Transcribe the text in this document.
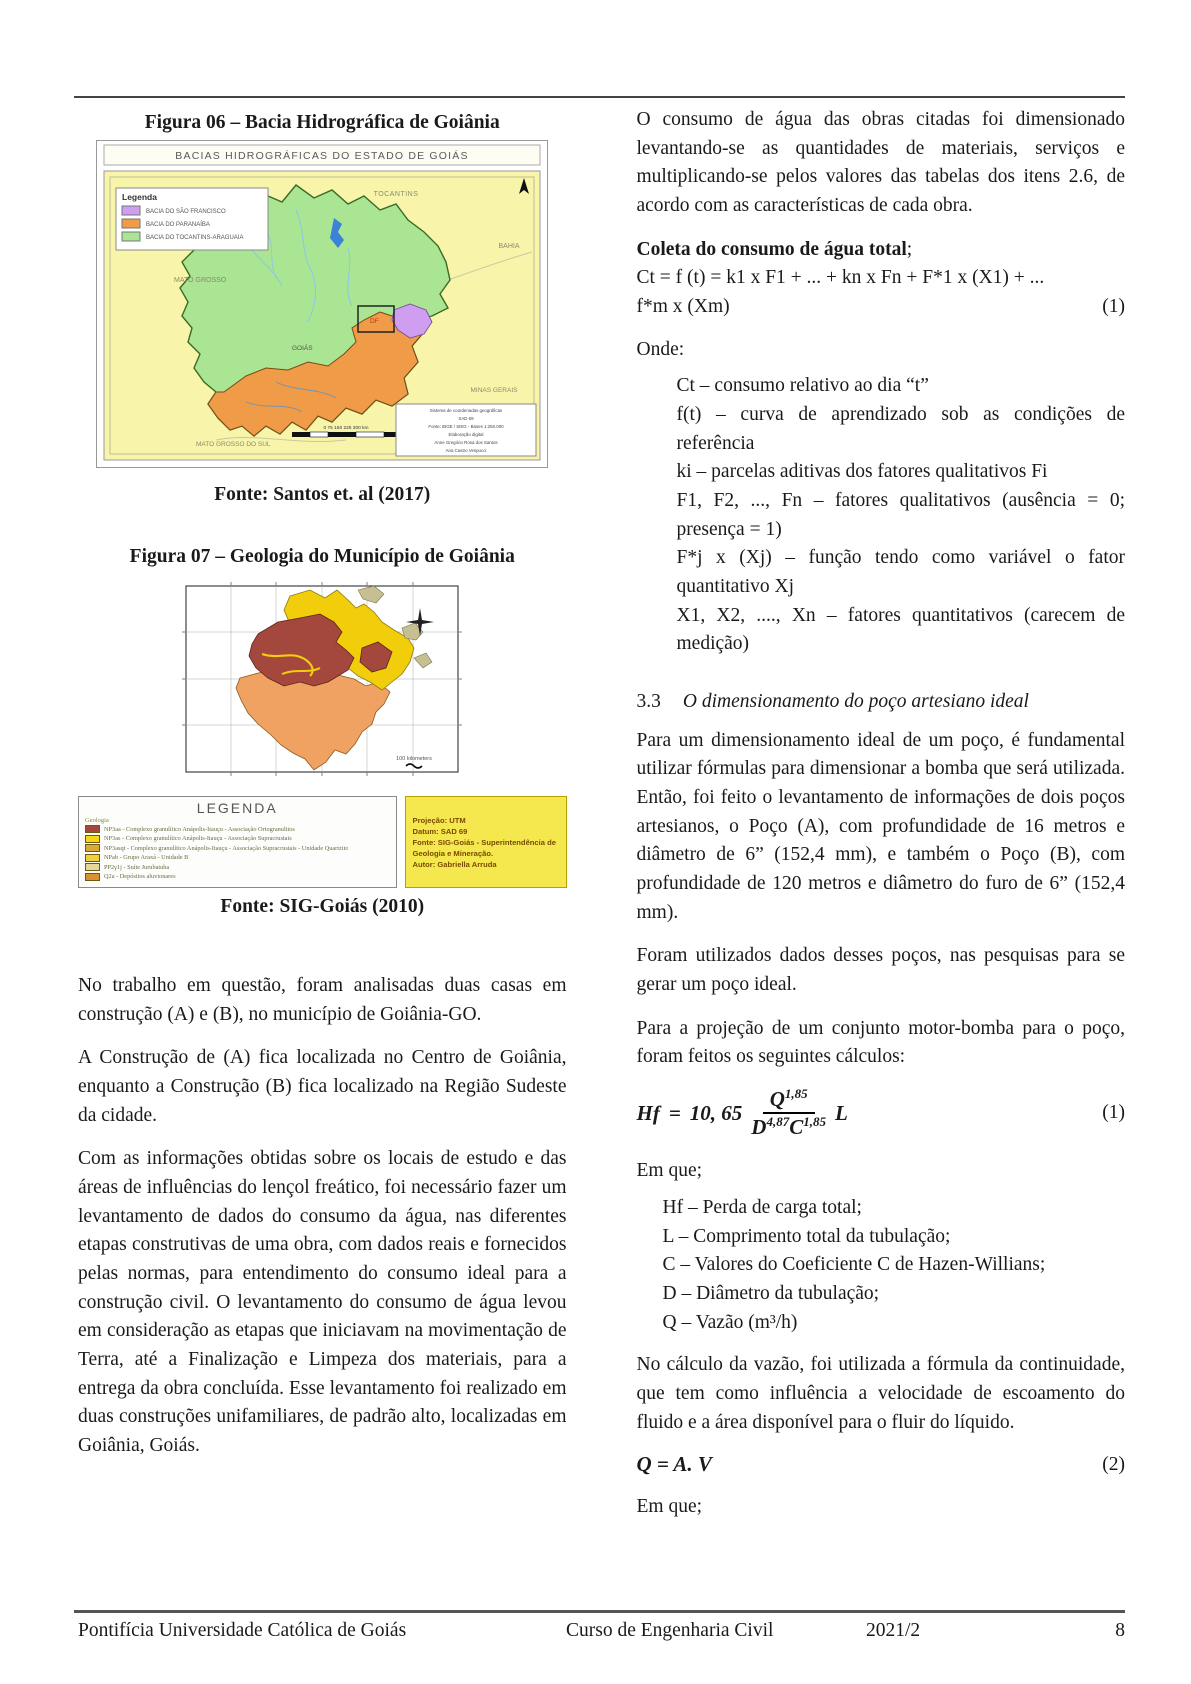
Figura 06 – Bacia Hidrográfica de Goiânia
BACIAS HIDROGRÁFICAS DO ESTADO DE GOIÁS
DF
Legenda
BACIA DO SÃO FRANCISCO
BACIA DO PARANAÍBA
BACIA DO TOCANTINS-ARAGUAIA
TOCANTINS
BAHIA
MATO GROSSO
MINAS GERAIS
MATO GROSSO DO SUL
GOIÁS
0 75 150 225 300 km
Sistema de coordenadas geográficas
SAD 69
Fonte: IBGE / SIEG - Bases 1:250.000
Elaboração digital
Anne Gregório Rosa dos Santos
Ana Castro Vespucci
Fonte: Santos et. al (2017)
Figura 07 – Geologia do Município de Goiânia
100 kilometers
LEGENDA
Geologia
NP3aa - Complexo granulítico Anápolis-Itauçu - Associação Ortogranulitos
NP3as - Complexo granulítico Anápolis-Itauçu - Associação Supracrustais
NP3asqt - Complexo granulítico Anápolis-Itauçu - Associação Supracrustais - Unidade Quartzito
NPab - Grupo Araxá - Unidade B
PP2γ1j - Suíte Jurubatuba
Q2a - Depósitos aluvionares
Projeção: UTM
Datum: SAD 69
Fonte: SIG-Goiás - Superintendência de Geologia e Mineração.
Autor: Gabriella Arruda
Fonte: SIG-Goiás (2010)

No trabalho em questão, foram analisadas duas casas em construção (A) e (B), no município de Goiânia-GO.

A Construção de (A) fica localizada no Centro de Goiânia, enquanto a Construção (B) fica localizado na Região Sudeste da cidade.

Com as informações obtidas sobre os locais de estudo e das áreas de influências do lençol freático, foi necessário fazer um levantamento de dados do consumo da água, nas diferentes etapas construtivas de uma obra, com dados reais e fornecidos pelas normas, para entendimento do consumo ideal para a construção civil. O levantamento do consumo de água levou em consideração as etapas que iniciavam na movimentação de Terra, até a Finalização e Limpeza dos materiais, para a entrega da obra concluída. Esse levantamento foi realizado em duas construções unifamiliares, de padrão alto, localizadas em Goiânia, Goiás.

O consumo de água das obras citadas foi dimensionado levantando-se as quantidades de materiais, serviços e multiplicando-se pelos valores das tabelas dos itens 2.6, de acordo com as características de cada obra.

Coleta do consumo de água total;
Ct = f (t) = k1 x F1 + ... + kn x Fn + F*1 x (X1) + ...
f*m x (Xm)	(1)

Onde:

Ct – consumo relativo ao dia “t”
f(t) – curva de aprendizado sob as condições de referência
ki – parcelas aditivas dos fatores qualitativos Fi
F1, F2, ..., Fn – fatores qualitativos (ausência = 0; presença = 1)
F*j x (Xj) – função tendo como variável o fator quantitativo Xj
X1, X2, ...., Xn – fatores quantitativos (carecem de medição)
3.3 O dimensionamento do poço artesiano ideal

Para um dimensionamento ideal de um poço, é fundamental utilizar fórmulas para dimensionar a bomba que será utilizada. Então, foi feito o levantamento de informações de dois poços artesianos, o Poço (A), com profundidade de 16 metros e diâmetro de 6” (152,4 mm), e também o Poço (B), com profundidade de 120 metros e diâmetro do furo de 6” (152,4 mm).

Foram utilizados dados desses poços, nas pesquisas para se gerar um poço ideal.

Para a projeção de um conjunto motor-bomba para o poço, foram feitos os seguintes cálculos:

Hf = 10, $65 \frac{Q^{1,85}}{D^{4,87}C^{1,85}}$ L	(1)

Em que;

Hf – Perda de carga total;
L – Comprimento total da tubulação;
C – Valores do Coeficiente C de Hazen-Willians;
D – Diâmetro da tubulação;
Q – Vazão (m³/h)

No cálculo da vazão, foi utilizada a fórmula da continuidade, que tem como influência a velocidade de escoamento do fluido e a área disponível para o fluir do líquido.

Q = A. V	(2)

Em que;

Pontifícia Universidade Católica de Goiás	Curso de Engenharia Civil	2021/2	8
